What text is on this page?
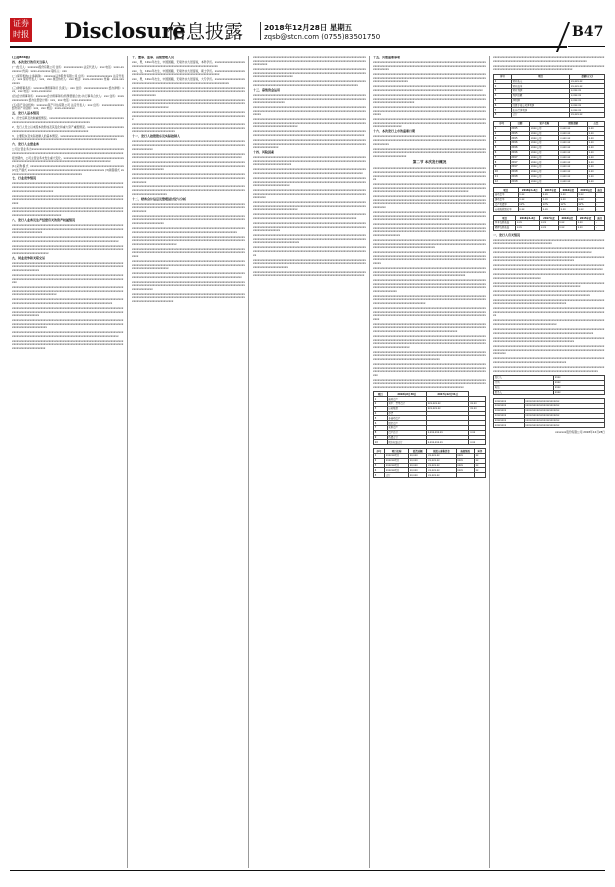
证券时报 Disclosure
信息披露	2018年12月28日 星期五
zqsb@stcn.com (0755)83501750	B47

(上接B46版)

四、本次发行的有关当事人

(一)发行人：xxxxxxx股份有限公司 住所：xxxxxxxxxxxx 法定代表人：xxx 电话：xxxx-xxxxxxxx 传真：xxxx-xxxxxxxx 联系人：xxx

(二)保荐机构(主承销商)：xxxxxxx证券股份有限公司 住所：xxxxxxxxxxxxxxxx 法定代表人：xxx 保荐代表人：xxx、xxx 项目协办人：xxx 电话：xxxx-xxxxxxxx 传真：xxxx-xxxxxxxx

(三)律师事务所：xxxxxxx律师事务所 负责人：xxx 住所：xxxxxxxxxxxxxxx 经办律师：xxx、xxx 电话：xxxx-xxxxxxxx

(四)会计师事务所：xxxxxxx会计师事务所(特殊普通合伙) 执行事务合伙人：xxx 住所：xxxxxxxxxxxxxx 经办注册会计师：xxx、xxx 电话：xxxx-xxxxxxxx

(五)资产评估机构：xxxxxxx资产评估有限公司 法定代表人：xxx 住所：xxxxxxxxxxxxxx 经办资产评估师：xxx、xxx 电话：xxxx-xxxxxxxx

五、发行人基本情况

1、历史沿革及改制重组情况。xxxxxxxxxxxxxxxxxxxxxxxxxxxxxxxxxxxxxxxxxxxxxxxxxxxxxxxxxxxxxxxxxxxxxxxxxxxxxxxxxxxxxxxxxxxxxxxx

2、发行人设立以来股本的形成及其变化和重大资产重组情况。xxxxxxxxxxxxxxxxxxxxxxxxxxxxxxxxxxxxxxxxxxxxxxxxxxxxxxxxxxxxxxxxxxxxxxx

3、主要股东及实际控制人的基本情况。xxxxxxxxxxxxxxxxxxxxxxxxxxxxxxxxxxxxxxxxxxxxxxxxxxxxxxxxxxxxxxxxxxxxxxxxxxxxxxxxxxxxxxxxxxxxxxxxxxxxxxxxxx

六、发行人主营业务

公司主营业务为xxxxxxxxxxxxxxxxxxxxxxxxxxxxxxxxxxxxxxxxxxxxxxxxxxxxxxxxxxxxxxxxxxxxxxxxxxxxxxxxxxxxxxxxxxxxxxxxxxxxxxxxxxxxxxxxxxxxxxxxxxxxxxxx

报告期内，公司主营业务未发生重大变化。xxxxxxxxxxxxxxxxxxxxxxxxxxxxxxxxxxxxxxxxxxxxxxxxxxxxxxxxxxxxxxxxxxxxxxxxxxxxxxxxxxxxxxxxxxxxxxxxxxxx

(1)采购模式 xxxxxxxxxxxxxxxxxxxxxxxxxxxxxxxxxxxxxxxxxxxxxxxxxxxxxxxxxxx (2)生产模式 xxxxxxxxxxxxxxxxxxxxxxxxxxxxxxxxxxxxxxxxxxxxxxxx (3)销售模式 xxxxxxxxxxxxxxxxxxxxxxxxxxxxxxxxxxxxxxxxxxxxxx

七、行业竞争情况

xxxxxxxxxxxxxxxxxxxxxxxxxxxxxxxxxxxxxxxxxxxxxxxxxxxxxxxxxxxxxxxxxxxxxxxxxxxxxxxxxxxxxxxxxxxxxxxxxxxxxxxxxxxxxxxxxxxxxxxxxxxxxxxxxxxxxxxxxxxxxxxxxxxxxxxxxxxxxxxxxxxxxx

xxxxxxxxxxxxxxxxxxxxxxxxxxxxxxxxxxxxxxxxxxxxxxxxxxxxxxxxxxxxxxxxxxxxxxxxxxxxxxxxxxxxxxxxxxxxxxxxxxxxxxxxxxxxxxxxxxxxxxxxxxxxxxxxxxxxxxxxxxxxxxxx

xxxxxxxxxxxxxxxxxxxxxxxxxxxxxxxxxxxxxxxxxxxxxxxxxxxxxxxxxxxxxxxxxxxxxxxxxxxxxxxxxxxxxxxxxxxxxxxxxxxxxxxxxxxxxxxxxxxxxxxxxxxxxxxxxxxxxxxxxxxxxxxxxxxxxxxxxxxxxxxxxxxxxxxxxxx

八、发行人业务及生产经营有关的资产权属情况

xxxxxxxxxxxxxxxxxxxxxxxxxxxxxxxxxxxxxxxxxxxxxxxxxxxxxxxxxxxxxxxxxxxxxxxxxxxxxxxxxxxxxxxxxxxxxxxxxxxxxxxxxxxxxxxxxxxxxxxxxxxxxxxxxxxxxxxxxxxxxxxxxxxxxxxxxxxxxxx

xxxxxxxxxxxxxxxxxxxxxxxxxxxxxxxxxxxxxxxxxxxxxxxxxxxxxxxxxxxxxxxxxxxxxxxxxxxxxxxxxxxxxxxxxxxxxxxxxxxxxxxxxxxxxxxxxxxxxxxxxxxxxxxxxxxxxxxxx

xxxxxxxxxxxxxxxxxxxxxxxxxxxxxxxxxxxxxxxxxxxxxxxxxxxxxxxxxxxxxxxxxxxxxxxxxxxxxxxxxxxxxxxxxxxxxxxxxxxxxxxxxxxxxxxxxxxxxxxxxxxxxxxxxxxxxxxxxxxxxxxxxxxxxxxxxxxxxxxxxxx

九、同业竞争和关联交易

xxxxxxxxxxxxxxxxxxxxxxxxxxxxxxxxxxxxxxxxxxxxxxxxxxxxxxxxxxxxxxxxxxxxxxxxxxxxxxxxxxxxxxxxxxxxxxxxxxxxxxxxxxxxxxxxxxxxxxxxxxxxxxxxxxxxxxxxxxxxxxxxxxxxxxxxxxxxx

xxxxxxxxxxxxxxxxxxxxxxxxxxxxxxxxxxxxxxxxxxxxxxxxxxxxxxxxxxxxxxxxxxxxxxxxxxxxxxxxxxxxxxxxxxxxxxxxxxxxxxxxxxxxxxxxxxxxxxxxxxxxxxxxxxxxxxxxxxxxxxx

xxxxxxxxxxxxxxxxxxxxxxxxxxxxxxxxxxxxxxxxxxxxxxxxxxxxxxxxxxxxxxxxxxxxxxxxxxxxxxxxxxxxxxxxxxxxxxxxxxxxxxxxxxxxxxxxxxxxxxxxxxxxxxxxxxxxxxxxxxxxxxxxxxxxxxxxxxxxxxxxxxxxxxxx

xxxxxxxxxxxxxxxxxxxxxxxxxxxxxxxxxxxxxxxxxxxxxxxxxxxxxxxxxxxxxxxxxxxxxxxxxxxxxxxxxxxxxxxxxxxxxxxxxxxxxxxxxxxxxxxxxxxxxxxxxxxxxxxxxxxxx

xxxxxxxxxxxxxxxxxxxxxxxxxxxxxxxxxxxxxxxxxxxxxxxxxxxxxxxxxxxxxxxxxxxxxxxxxxxxxxxxxxxxxxxxxxxxxxxxxxxxxxxxxxxxxxxxxxxxxxxxxxxxxxxxxxxxxxxxxxxxxxxxxxxxxxxxxxxxx

xxxxxxxxxxxxxxxxxxxxxxxxxxxxxxxxxxxxxxxxxxxxxxxxxxxxxxxxxxxxxxxxxxxxxxxxxxxxxxxxxxxxxxxxxxxxxxxxxxxxxxxxxxxxxxxxxxxxxxxxxxxxxxxxxxxxxxxxxxxxxxxxxxxxxxxxxxxxxxxxxx

xxxxxxxxxxxxxxxxxxxxxxxxxxxxxxxxxxxxxxxxxxxxxxxxxxxxxxxxxxxxxxxxxxxxxxxxxxxxxxxxxxxxxxxxxxxxxxxxxxxxxxxxxxxxxxxxxxxxxxxxxxxxxxxxxxxxxxxxx

xxxxxxxxxxxxxxxxxxxxxxxxxxxxxxxxxxxxxxxxxxxxxxxxxxxxxxxxxxxxxxxxxxxxxxxxxxxxxxxxxxxxxxxxxxxxxxxxxxxxxxxxxxxxxxxxxxxxxxxxxxxxxxxxxxxxxxxxxxxxxxxxxxxxxxxxxxxxxxxxx

十、董事、监事、高级管理人员

xxx，男，19xx年出生，中国国籍，无境外永久居留权，本科学历。xxxxxxxxxxxxxxxxxxxxxxxxxxxxxxxxxxxxxxxxxxxxxxxxxxxxxxxxxxxxxxxxxxxxxxxxx

xxx，女，19xx年出生，中国国籍，无境外永久居留权，硕士学历。xxxxxxxxxxxxxxxxxxxxxxxxxxxxxxxxxxxxxxxxxxxxxxxxxxxxxxxxxxxxxxxxxxxxxxxxxx

xxx，男，19xx年出生，中国国籍，无境外永久居留权，大专学历。xxxxxxxxxxxxxxxxxxxxxxxxxxxxxxxxxxxxxxxxxxxxxxxxxxxxxxxxxxxxxxxxxxxxxxxxxxxxxxxx

xxxxxxxxxxxxxxxxxxxxxxxxxxxxxxxxxxxxxxxxxxxxxxxxxxxxxxxxxxxxxxxxxxxxxxxxxxxxxxxxxxxxxxxxxxxxxxxxxxxxxxxxxxxxxxxxxxxxxxxxxxxxxxxxxxxxxxxxxxxxxxxxxxxxxxxxxxxxx

xxxxxxxxxxxxxxxxxxxxxxxxxxxxxxxxxxxxxxxxxxxxxxxxxxxxxxxxxxxxxxxxxxxxxxxxxxxxxxxxxxxxxxxxxxxxxxxxxxxxxxxxxxxxxxxxxxxxxxxxxxxxxxxxxxxxxxxxxxxxxxxxxxxxxxxxxxxxxxxxxxxxx

xxxxxxxxxxxxxxxxxxxxxxxxxxxxxxxxxxxxxxxxxxxxxxxxxxxxxxxxxxxxxxxxxxxxxxxxxxxxxxxxxxxxxxxxxxxxxxxxxxxxxxxxxxxxxxxxxxxxxxxxxxxxxxxxxxxxxxxxxxxxxxx

xxxxxxxxxxxxxxxxxxxxxxxxxxxxxxxxxxxxxxxxxxxxxxxxxxxxxxxxxxxxxxxxxxxxxxxxxxxxxxxxxxxxxxxxxxxxxxxxxxxxxxxxxxxxxxxxxxxxxxxxxxxxxxxxxxxxxxxxxxxxxxxxxxxxxxxxxxxxxxxxxxxxxxxxx

十一、发行人控股股东及实际控制人

xxxxxxxxxxxxxxxxxxxxxxxxxxxxxxxxxxxxxxxxxxxxxxxxxxxxxxxxxxxxxxxxxxxxxxxxxxxxxxxxxxxxxxxxxxxxxxxxxxxxxxxxxxxxxxxxxxxxxxxxxxxxxxxxxxxxxxxxxxxxxxxxxxxxxxxxxxx

xxxxxxxxxxxxxxxxxxxxxxxxxxxxxxxxxxxxxxxxxxxxxxxxxxxxxxxxxxxxxxxxxxxxxxxxxxxxxxxxxxxxxxxxxxxxxxxxxxxxxxxxxxxxxxxxxxxxxxxxxxxxxxxxxxxxxxxxxxxx

xxxxxxxxxxxxxxxxxxxxxxxxxxxxxxxxxxxxxxxxxxxxxxxxxxxxxxxxxxxxxxxxxxxxxxxxxxxxxxxxxxxxxxxxxxxxxxxxxxxxxxxxxxxxxxxxxxxxxxxxxxxxxxxxxxxxxxxxxxxxxxxxxxxxxxxxxxxxxxxxxx

xxxxxxxxxxxxxxxxxxxxxxxxxxxxxxxxxxxxxxxxxxxxxxxxxxxxxxxxxxxxxxxxxxxxxxxxxxxxxxxxxxxxxxxxxxxxxxxxxxxxxxxxxxxxxxxxxxxxxxxxxxxxxxxxxxxxxxxxxxxxxxxxxxxxxxx

xxxxxxxxxxxxxxxxxxxxxxxxxxxxxxxxxxxxxxxxxxxxxxxxxxxxxxxxxxxxxxxxxxxxxxxxxxxxxxxxxxxxxxxxxxxxxxxxxxxxxxxxxxxxxxxxxxxxxxxxxxxxxxxxxxxxxxxxxxxxxxxxxxxxxxxxxxxxxxxxxxxx

十二、财务会计信息及管理层讨论与分析

xxxxxxxxxxxxxxxxxxxxxxxxxxxxxxxxxxxxxxxxxxxxxxxxxxxxxxxxxxxxxxxxxxxxxxxxxxxxxxxxxxxxxxxxxxxxxxxxxxxxxxxxxxxxxxxxxxxxxxxxxxxxxxxxxxxxxxxxxxxxxxxxxxxxxxx

xxxxxxxxxxxxxxxxxxxxxxxxxxxxxxxxxxxxxxxxxxxxxxxxxxxxxxxxxxxxxxxxxxxxxxxxxxxxxxxxxxxxxxxxxxxxxxxxxxxxxxxxxxxxxxxxxxxxxxxxxxxxxxxxxxxxxxxxxxxxxxxxxxxxxxxxxxxxxxxxxx

xxxxxxxxxxxxxxxxxxxxxxxxxxxxxxxxxxxxxxxxxxxxxxxxxxxxxxxxxxxxxxxxxxxxxxxxxxxxxxxxxxxxxxxxxxxxxxxxxxxxxxxxxxxxxxxxxxxxxxxxxxxxxxxxxxxxxxxxx

xxxxxxxxxxxxxxxxxxxxxxxxxxxxxxxxxxxxxxxxxxxxxxxxxxxxxxxxxxxxxxxxxxxxxxxxxxxxxxxxxxxxxxxxxxxxxxxxxxxxxxxxxxxxxxxxxxxxxxxxxxxxxxxxxxxxxxxxxxxxxxxxxxxxxxxxxxxxxxxxxxxxxxxxxx

xxxxxxxxxxxxxxxxxxxxxxxxxxxxxxxxxxxxxxxxxxxxxxxxxxxxxxxxxxxxxxxxxxxxxxxxxxxxxxxxxxxxxxxxxxxxxxxxxxxxxxxxxxxxxxxxxxxxxxxxxxxxxxxxxxxxxxxxxxxxxxxxxx

xxxxxxxxxxxxxxxxxxxxxxxxxxxxxxxxxxxxxxxxxxxxxxxxxxxxxxxxxxxxxxxxxxxxxxxxxxxxxxxxxxxxxxxxxxxxxxxxxxxxxxxxxxxxxxxxxxxxxxxxxxxxxxxxxxxxxxxxxxxxxxxxxxxxxxxxxxxxxxxxxxxxx

xxxxxxxxxxxxxxxxxxxxxxxxxxxxxxxxxxxxxxxxxxxxxxxxxxxxxxxxxxxxxxxxxxxxxxxxxxxxxxxxxxxxxxxxxxxxxxxxxxxxxxxxxxxxxxxxxxxxxxxxxxxxxxxxxxxxxxxxxxxx

xxxxxxxxxxxxxxxxxxxxxxxxxxxxxxxxxxxxxxxxxxxxxxxxxxxxxxxxxxxxxxxxxxxxxxxxxxxxxxxxxxxxxxxxxxxxxxxxxxxxxxxxxxxxxxxxxxxxxxxxxxxxxxxxxxxxxxxxxxxxxxxxxxxxxxxxxxx

xxxxxxxxxxxxxxxxxxxxxxxxxxxxxxxxxxxxxxxxxxxxxxxxxxxxxxxxxxxxxxxxxxxxxxxxxxxxxxxxxxxxxxxxxxxxxxxxxxxxxxxxxxxxxxxxxxxxxxxxxxxxxxxxxxxxxxxxxxxxxxxxxxxxxxxxxxxxxxxxxxxxxxxx

xxxxxxxxxxxxxxxxxxxxxxxxxxxxxxxxxxxxxxxxxxxxxxxxxxxxxxxxxxxxxxxxxxxxxxxxxxxxxxxxxxxxxxxxxxxxxxxxxxxxxxxxxxxxxxxxxxxxxxxxxxxxxxxxxxxxxxxxxxxxxxxxxxxxxxx

xxxxxxxxxxxxxxxxxxxxxxxxxxxxxxxxxxxxxxxxxxxxxxxxxxxxxxxxxxxxxxxxxxxxxxxxxxxxxxxxxxxxxxxxxxxxxxxxxxxxxxxxxxxxxxxxxxxxxxxxxxxxxxxxxxxxxxxxxxxxxxxxxxxxxxxxxxxxxxxxxxxxxxx

xxxxxxxxxxxxxxxxxxxxxxxxxxxxxxxxxxxxxxxxxxxxxxxxxxxxxxxxxxxxxxxxxxxxxxxxxxxxxxxxxxxxxxxxxxxxxxxxxxxxxxxxxxxxxxxxxxxxxxxxxxxxxxxxxxxxxxxxx

十三、募集资金运用

xxxxxxxxxxxxxxxxxxxxxxxxxxxxxxxxxxxxxxxxxxxxxxxxxxxxxxxxxxxxxxxxxxxxxxxxxxxxxxxxxxxxxxxxxxxxxxxxxxxxxxxxxxxxxxxxxxxxxxxxxxxxxxxxxxxxxxxxxxxxxxxxxxxxxxxxxxxxxxxxxx

xxxxxxxxxxxxxxxxxxxxxxxxxxxxxxxxxxxxxxxxxxxxxxxxxxxxxxxxxxxxxxxxxxxxxxxxxxxxxxxxxxxxxxxxxxxxxxxxxxxxxxxxxxxxxxxxxxxxxxxxxxxxxxxxxxxxxxxxxxxxxxxxxxx

xxxxxxxxxxxxxxxxxxxxxxxxxxxxxxxxxxxxxxxxxxxxxxxxxxxxxxxxxxxxxxxxxxxxxxxxxxxxxxxxxxxxxxxxxxxxxxxxxxxxxxxxxxxxxxxxxxxxxxxxxxxxxxxxxxxxxxxxxxxxxxxxxxxxxxxxxxxxxxxxxxxxxxxxxx

xxxxxxxxxxxxxxxxxxxxxxxxxxxxxxxxxxxxxxxxxxxxxxxxxxxxxxxxxxxxxxxxxxxxxxxxxxxxxxxxxxxxxxxxxxxxxxxxxxxxxxxxxxxxxxxxxxxxxxxxxxxxxxxxxxxxxxxxxxxxx

xxxxxxxxxxxxxxxxxxxxxxxxxxxxxxxxxxxxxxxxxxxxxxxxxxxxxxxxxxxxxxxxxxxxxxxxxxxxxxxxxxxxxxxxxxxxxxxxxxxxxxxxxxxxxxxxxxxxxxxxxxxxxxxxxxxxxxxxxxxxxxxxxxxxxxxxxxxxxx

十四、风险因素

xxxxxxxxxxxxxxxxxxxxxxxxxxxxxxxxxxxxxxxxxxxxxxxxxxxxxxxxxxxxxxxxxxxxxxxxxxxxxxxxxxxxxxxxxxxxxxxxxxxxxxxxxxxxxxxxxxxxxxxxxxxxxxxxxxxxxxxxxxxxxxxxxxxxxxxxxxxxxxxxxxxxxx

xxxxxxxxxxxxxxxxxxxxxxxxxxxxxxxxxxxxxxxxxxxxxxxxxxxxxxxxxxxxxxxxxxxxxxxxxxxxxxxxxxxxxxxxxxxxxxxxxxxxxxxxxxxxxxxxxxxxxxxxxxxxxxxxxxxxxxxxxxxx

xxxxxxxxxxxxxxxxxxxxxxxxxxxxxxxxxxxxxxxxxxxxxxxxxxxxxxxxxxxxxxxxxxxxxxxxxxxxxxxxxxxxxxxxxxxxxxxxxxxxxxxxxxxxxxxxxxxxxxxxxxxxxxxxxxxxxxxxxxxxxxxxxxxxxxxxxxxxxxxxxxxxx

xxxxxxxxxxxxxxxxxxxxxxxxxxxxxxxxxxxxxxxxxxxxxxxxxxxxxxxxxxxxxxxxxxxxxxxxxxxxxxxxxxxxxxxxxxxxxxxxxxxxxxxxxxxxxxxxxxxxxxxxxxxxxxxxxxxxxxxxxxxxxxxxxxxxxx

xxxxxxxxxxxxxxxxxxxxxxxxxxxxxxxxxxxxxxxxxxxxxxxxxxxxxxxxxxxxxxxxxxxxxxxxxxxxxxxxxxxxxxxxxxxxxxxxxxxxxxxxxxxxxxxxxxxxxxxxxxxxxxxxxxxxxxxxxxxxxxxxxxxxxxxxxxxxxxxxxxxxxxxxxx

xxxxxxxxxxxxxxxxxxxxxxxxxxxxxxxxxxxxxxxxxxxxxxxxxxxxxxxxxxxxxxxxxxxxxxxxxxxxxxxxxxxxxxxxxxxxxxxxxxxxxxxxxxxxxxxxxxxxxxxxxxxxxxxxxxxxxxxx

xxxxxxxxxxxxxxxxxxxxxxxxxxxxxxxxxxxxxxxxxxxxxxxxxxxxxxxxxxxxxxxxxxxxxxxxxxxxxxxxxxxxxxxxxxxxxxxxxxxxxxxxxxxxxxxxxxxxxxxxxxxxxxxxxxxxxxxxxxxxxxxxxxxxxxxxxxxxxxx

xxxxxxxxxxxxxxxxxxxxxxxxxxxxxxxxxxxxxxxxxxxxxxxxxxxxxxxxxxxxxxxxxxxxxxxxxxxxxxxxxxxxxxxxxxxxxxxxxxxxxxxxxxxxxxxxxxxxxxxxxxxxxxxxxxxxxxxxxxxxxxxxxxxxxxxxxxxxxxxxxxxxxxxxxxx

xxxxxxxxxxxxxxxxxxxxxxxxxxxxxxxxxxxxxxxxxxxxxxxxxxxxxxxxxxxxxxxxxxxxxxxxxxxxxxxxxxxxxxxxxxxxxxxxxxxxxxxxxxxxxxxxxxxxxxxxxxxxxxxxxxxxxxxxxxxxxxxx

xxxxxxxxxxxxxxxxxxxxxxxxxxxxxxxxxxxxxxxxxxxxxxxxxxxxxxxxxxxxxxxxxxxxxxxxxxxxxxxxxxxxxxxxxxxxxxxxxxxxxxxxxxxxxxxxxxxxxxxxxxxxxxxxxxxxxxxxxxxxxxxxxxxxxxxxxxxxxxxxxxxx

xxxxxxxxxxxxxxxxxxxxxxxxxxxxxxxxxxxxxxxxxxxxxxxxxxxxxxxxxxxxxxxxxxxxxxxxxxxxxxxxxxxxxxxxxxxxxxxxxxxxxxxxxxxxxxxxxxxxxxxxxxxxxxxxxxxxxxxxxxxxx

十五、其他重要事项

xxxxxxxxxxxxxxxxxxxxxxxxxxxxxxxxxxxxxxxxxxxxxxxxxxxxxxxxxxxxxxxxxxxxxxxxxxxxxxxxxxxxxxxxxxxxxxxxxxxxxxxxxxxxxxxxxxxxxxxxxxxxxxxxxxxxxxxxxxxxxxxxxxxxxxxx

xxxxxxxxxxxxxxxxxxxxxxxxxxxxxxxxxxxxxxxxxxxxxxxxxxxxxxxxxxxxxxxxxxxxxxxxxxxxxxxxxxxxxxxxxxxxxxxxxxxxxxxxxxxxxxxxxxxxxxxxxxxxxxxxxxxxxxxxxxxxxxxxxxxxxxxxxxxxxxxxxxxx

xxxxxxxxxxxxxxxxxxxxxxxxxxxxxxxxxxxxxxxxxxxxxxxxxxxxxxxxxxxxxxxxxxxxxxxxxxxxxxxxxxxxxxxxxxxxxxxxxxxxxxxxxxxxxxxxxxxxxxxxxxxxxxxxxxxxxxxxxxxx

xxxxxxxxxxxxxxxxxxxxxxxxxxxxxxxxxxxxxxxxxxxxxxxxxxxxxxxxxxxxxxxxxxxxxxxxxxxxxxxxxxxxxxxxxxxxxxxxxxxxxxxxxxxxxxxxxxxxxxxxxxxxxxxxxxxxxxxxxxxxxxxxxxxxxxxxxxxxxxxxxxxxxxxx

xxxxxxxxxxxxxxxxxxxxxxxxxxxxxxxxxxxxxxxxxxxxxxxxxxxxxxxxxxxxxxxxxxxxxxxxxxxxxxxxxxxxxxxxxxxxxxxxxxxxxxxxxxxxxxxxxxxxxxxxxxxxxxxxxxxxxxxxxxxxxxxxxxx

xxxxxxxxxxxxxxxxxxxxxxxxxxxxxxxxxxxxxxxxxxxxxxxxxxxxxxxxxxxxxxxxxxxxxxxxxxxxxxxxxxxxxxxxxxxxxxxxxxxxxxxxxxxxxxxxxxxxxxxxxxxxxxxxxxxxxxxxxxxxxxxxxxxxxxxxxxxxxxxx

十六、本次发行上市的重要日期

xxxxxxxxxxxxxxxxxxxxxxxxxxxxxxxxxxxxxxxxxxxxxxxxxxxxxxxxxxxxxxxxxxxxxxxxxxxxxxxxxxxxxxxxxxxxxxxxxxxxxxxxxxxxxxxxxxxxxxxxxxxxxxxxxxxxxxxxxxxxxxxxxxxxxxxx

xxxxxxxxxxxxxxxxxxxxxxxxxxxxxxxxxxxxxxxxxxxxxxxxxxxxxxxxxxxxxxxxxxxxxxxxxxxxxxxxxxxxxxxxxxxxxxxxxxxxxxxxxxxxxxxxxxxxxxxxxxxxxxxxxxxxxxxxxxxxxxxxxxxxxxxxxxxxxxxxxxx

第二节 本次发行概况

xxxxxxxxxxxxxxxxxxxxxxxxxxxxxxxxxxxxxxxxxxxxxxxxxxxxxxxxxxxxxxxxxxxxxxxxxxxxxxxxxxxxxxxxxxxxxxxxxxxxxxxxxxxxxxxxxxxxxxxxxxxxxxxxxxxxxxxxxxxxxxxxxxxxxxxxxxxxxxxxxxxxxxxxxxxxxxxxxxxxxxxxxxxxxxxxxxxxxxxxxxxxxxxxxxxxxxx

xxxxxxxxxxxxxxxxxxxxxxxxxxxxxxxxxxxxxxxxxxxxxxxxxxxxxxxxxxxxxxxxxxxxxxxxxxxxxxxxxxxxxxxxxxxxxxxxxxxxxxxxxxxxxxxxxxxxxxxxxxxxxxxxxxxxxxxxxxxxxxxxxxxxxxxxxxxxxxxxxxxxxxxxxxxxxxxxxxxxxxxxxxxxxxxxxxxxxxxxxx

xxxxxxxxxxxxxxxxxxxxxxxxxxxxxxxxxxxxxxxxxxxxxxxxxxxxxxxxxxxxxxxxxxxxxxxxxxxxxxxxxxxxxxxxxxxxxxxxxxxxxxxxxxxxxxxxxxxxxxxxxxxxxxxxxxxxxxxxxxxxxxxxxxxxxxxxxxxxxxxxxxxxxxxxxxxxxxxxxxxxxxxxxxxxxxxxxxxxxxxxxxxxxxxxxxxxxxxxxxxxx

xxxxxxxxxxxxxxxxxxxxxxxxxxxxxxxxxxxxxxxxxxxxxxxxxxxxxxxxxxxxxxxxxxxxxxxxxxxxxxxxxxxxxxxxxxxxxxxxxxxxxxxxxxxxxxxxxxxxxxxxxxxxxxxxxxxxxxxxxxxxxxxxxxxxxxxxxxxxxxxxxxxxxxxxxxxxxxxxxxxxxxxxxxxxxx

xxxxxxxxxxxxxxxxxxxxxxxxxxxxxxxxxxxxxxxxxxxxxxxxxxxxxxxxxxxxxxxxxxxxxxxxxxxxxxxxxxxxxxxxxxxxxxxxxxxxxxxxxxxxxxxxxxxxxxxxxxxxxxxxxxxxxxxxxxxxxxxxxxxxxxxxxxxxxxxxxxxxxxxxxxxxxxxxxxxxxxxxxxxxxxxxxxxxxxxxxxxxxxxxxxxxxxxxxxxxxxxxxxxxxx

xxxxxxxxxxxxxxxxxxxxxxxxxxxxxxxxxxxxxxxxxxxxxxxxxxxxxxxxxxxxxxxxxxxxxxxxxxxxxxxxxxxxxxxxxxxxxxxxxxxxxxxxxxxxxxxxxxxxxxxxxxxxxxxxxxxxxxxxxxxxxxxxxxxxxxxxxxxxxxxxxxxxxxxxxxxxxxxxxxxxx

xxxxxxxxxxxxxxxxxxxxxxxxxxxxxxxxxxxxxxxxxxxxxxxxxxxxxxxxxxxxxxxxxxxxxxxxxxxxxxxxxxxxxxxxxxxxxxxxxxxxxxxxxxxxxxxxxxxxxxxxxxxxxxxxxxxxxxxxxxxxxxxxxxxxxxxxxxxxxxxxxxxxxxxxxxxxxxxxxxxxxxxxxxxxxxxxxxxxxxxxxxxxxxxxxxxxxxxxxx

xxxxxxxxxxxxxxxxxxxxxxxxxxxxxxxxxxxxxxxxxxxxxxxxxxxxxxxxxxxxxxxxxxxxxxxxxxxxxxxxxxxxxxxxxxxxxxxxxxxxxxxxxxxxxxxxxxxxxxxxxxxxxxxxxxxxxxxxxxxxxxxxxxxxxxxxxxxxxxxxxxxxxxxxxxxxxxxxxxxxxxxxxxxxxxxxxxxxxxxx

xxxxxxxxxxxxxxxxxxxxxxxxxxxxxxxxxxxxxxxxxxxxxxxxxxxxxxxxxxxxxxxxxxxxxxxxxxxxxxxxxxxxxxxxxxxxxxxxxxxxxxxxxxxxxxxxxxxxxxxxxxxxxxxxxxxxxxxxxxxxxxxxxxxxxxxxxxxxxxxxxxxxxxxxxxxxxxxxxxxxxxxxxxxxxxxxxxxxxxxxxxxxxxxxxxxxxxxxxxxxxxxxxxxx

xxxxxxxxxxxxxxxxxxxxxxxxxxxxxxxxxxxxxxxxxxxxxxxxxxxxxxxxxxxxxxxxxxxxxxxxxxxxxxxxxxxxxxxxxxxxxxxxxxxxxxxxxxxxxxxxxxxxxxxxxxxxxxxxxxxxxxxxxxxxxxxxxxxxxxxxxxxxxxxxxxxxxxxxxxxxxxx

xxxxxxxxxxxxxxxxxxxxxxxxxxxxxxxxxxxxxxxxxxxxxxxxxxxxxxxxxxxxxxxxxxxxxxxxxxxxxxxxxxxxxxxxxxxxxxxxxxxxxxxxxxxxxxxxxxxxxxxxxxxxxxxxxxxxxxxxxxxxxxxxxxxxxxxxxxxxxxxxxxxxxxxxxxxxxxxxxxxxxxxxxxxxxxxxxxxxxxxxxxxxxxxxxxxxxxxxx

xxxxxxxxxxxxxxxxxxxxxxxxxxxxxxxxxxxxxxxxxxxxxxxxxxxxxxxxxxxxxxxxxxxxxxxxxxxxxxxxxxxxxxxxxxxxxxxxxxxxxxxxxxxxxxxxxxxxxxxxxxxxxxxxxxxxxxxxxxxxxxxxxxxxxxxxxxxxxxxxxxxxxxxxxxxxxxxxxxxxxxxxxxxxxxxxxxx

xxxxxxxxxxxxxxxxxxxxxxxxxxxxxxxxxxxxxxxxxxxxxxxxxxxxxxxxxxxxxxxxxxxxxxxxxxxxxxxxxxxxxxxxxxxxxxxxxxxxxxxxxxxxxxxxxxxxxxxxxxxxxxxxxxxxxxxxxxxxxxxxxxxxxxxxxxxxxxxxxxxxxxxxxxxxxxxxxxxxxxxxxxxxxxxxxxxxxxxxxxxxxxxxxxxxxxxxxxxxxxxxxxxxxxxxxxxx

xxxxxxxxxxxxxxxxxxxxxxxxxxxxxxxxxxxxxxxxxxxxxxxxxxxxxxxxxxxxxxxxxxxxxxxxxxxxxxxxxxxxxxxxxxxxxxxxxxxxxxxxxxxxxxxxxxxxxxxxxxxxxxxxxxxxxxxxxxxxxxxxxxxxxxxxxxxxxxxxxxxxxxxxxxxxxxxxxxxxxxxx

xxxxxxxxxxxxxxxxxxxxxxxxxxxxxxxxxxxxxxxxxxxxxxxxxxxxxxxxxxxxxxxxxxxxxxxxxxxxxxxxxxxxxxxxxxxxxxxxxxxxxxxxxxxxxxxxxxxxxxxxxxxxxxxxxxxxxxxxxxxxxxxxxxxxxxxxxxxxxxxxxxxxxxxxxxxxxxxxxxxxxxxxxxxxxxxxxxxxxxxxxxxxxxxxxxxxxxxx

xxxxxxxxxxxxxxxxxxxxxxxxxxxxxxxxxxxxxxxxxxxxxxxxxxxxxxxxxxxxxxxxxxxxxxxxxxxxxxxxxxxxxxxxxxxxxxxxxxxxxxxxxxxxxxxxxxxxxxxxxxxxxxxxxxxxxxxxxxxxxxxxxxxxxxxxxxxxxxxxxxxxxxxxxxxxxxxxxxxxxxxxxxxxxxxxxxxxxxx

项目	2018年6月30日	2017年12月31日	
1	流动资产		
2	其中：货币资金	xxx,xxx.xx	xx.xx
3	应收账款	xxx,xxx.xx	xx.xx
4	存货		
5	非流动资产		
6	固定资产		
7	无形资产		
8	资产总计	x,xxx,xxx.xx	x.xx
9	负债合计		
10	股东权益合计	x,xxx,xxx.xx	x.xx
序号	项目名称	投资总额	拟投入募集资金	备案情况	环评
1	xxxxxx项目	xx,xxx	xx,xxx.xx	xxxx	xx
2	xxxxxx项目	xx,xxx	xx,xxx.xx	xxxx	xx
3	xxxxxx项目	xx,xxx	xx,xxx.xx	xxxx	xx
4	xxxxxx项目	xx,xxx	xx,xxx.xx	xxxx	xx
5	合计	xx,xxx	xx,xxx.xx		

xxxxxxxxxxxxxxxxxxxxxxxxxxxxxxxxxxxxxxxxxxxxxxxxxxxxxxxxxxxxxxxxxxxxxxxxxxxxxxxxxxxxxxxxxxxxxxxxxxxxxxxxxxxxxxxxxxxxxxxxxxxxxxxxx

xxxxxxxxxxxxxxxxxxxxxxxxxxxxxxxxxxxxxxxxxxxxxxxxxxxxxxxxxxxxxxxxxxxxxxxxxxxxxxxxxxxxxxxxxxxxxxxxxxxxxxxxxxxxxxxxxxxxxxxx

序号	项目	金额(万元)
1	营业收入	xx,xxx.xx
2	营业成本	xx,xxx.xx
3	营业利润	x,xxx.xx
4	利润总额	x,xxx.xx
5	净利润	x,xxx.xx
6	归属于母公司净利润	x,xxx.xx
7	扣非后净利润	x,xxx.xx
8	合计	xx,xxx.xx
序号	日期	客户名称	销售金额	占比
1	2015	xxxx公司	x,xxx.xx	x.xx
2	2015	xxxx公司	x,xxx.xx	x.xx
3	2015	xxxx公司	x,xxx.xx	x.xx
4	2016	xxxx公司	x,xxx.xx	x.xx
5	2016	xxxx公司	x,xxx.xx	x.xx
6	2016	xxxx公司	x,xxx.xx	x.xx
7	2017	xxxx公司	x,xxx.xx	x.xx
8	2017	xxxx公司	x,xxx.xx	x.xx
9	2017	xxxx公司	x,xxx.xx	x.xx
10	2018	xxxx公司	x,xxx.xx	x.xx
11	2018	xxxx公司	x,xxx.xx	x.xx
12	2018	xxxx公司	x,xxx.xx	x.xx
项目	2018年1-6月	2017年度	2016年度	2015年度	备注
流动比率	x.xx	x.xx	x.xx	x.xx	-
速动比率	x.xx	x.xx	x.xx	x.xx	-
资产负债率	xx%	xx%	xx%	xx%	-
应收账款周转率	x.xx	x.xx	x.xx	x.xx	-
项目	2018年1-6月	2017年度	2016年度	2015年度	备注
基本每股收益	x.xx	x.xx	x.xx	x.xx	-
稀释每股收益	x.xx	x.xx	x.xx	x.xx	-

一、发行人有关情况

xxxxxxxxxxxxxxxxxxxxxxxxxxxxxxxxxxxxxxxxxxxxxxxxxxxxxxxxxxxxxxxxxxxxxxxxxxxxxxxxxxxxxxxxxxxxxxxxxxxxxxxxxxx

xxxxxxxxxxxxxxxxxxxxxxxxxxxxxxxxxxxxxxxxxxxxxxxxxxxxxxxxxxxxxxxxxxxxxxxxxxxxxxxxxxxxxxxxxxxxxxxxxxxxxxxxxxxxxxxxxxxxxxxxxxxxxxxxxxxx

xxxxxxxxxxxxxxxxxxxxxxxxxxxxxxxxxxxxxxxxxxxxxxxxxxxxxxxxxxxxxxxxxxxxxxxxxxxxxxxxxxxxxxxxxxxxxxxxxxxxxxxxxxxxxxxxxxxxxxxxx

xxxxxxxxxxxxxxxxxxxxxxxxxxxxxxxxxxxxxxxxxxxxxxxxxxxxxxxxxxxxxxxxxxxxxxxxxxxxxxxxxxxxxxxxxxxxxxxxxxxxxxxxxxxxxxxxxxxxxxxxxxxxxxxxxxxxxxxxxxx

xxxxxxxxxxxxxxxxxxxxxxxxxxxxxxxxxxxxxxxxxxxxxxxxxxxxxxxxxxxxxxxxxxxxxxxxxxxxxxxxxxxxxxxxxxxxxxxxxxxx

xxxxxxxxxxxxxxxxxxxxxxxxxxxxxxxxxxxxxxxxxxxxxxxxxxxxxxxxxxxxxxxxxxxxxxxxxxxxxxxxxxxxxxxxxxxxxxxxxxxxxxxxxxxxxxxxxxxxxxxxxxxxx

xxxxxxxxxxxxxxxxxxxxxxxxxxxxxxxxxxxxxxxxxxxxxxxxxxxxxxxxxxxxxxxxxxxxxxxxxxxxxxxxxxxxxxxxxxxxxxxxxxxxxxxxxxxxxxxxxxxxxxxxxxxxxxxxxxx

xxxxxxxxxxxxxxxxxxxxxxxxxxxxxxxxxxxxxxxxxxxxxxxxxxxxxxxxxxxxxxxxxxxxxxxxxxxxxxxxxxxxxxxxxxxxxxxxxxxxxxxxxxxxxxxxxxxx

xxxxxxxxxxxxxxxxxxxxxxxxxxxxxxxxxxxxxxxxxxxxxxxxxxxxxxxxxxxxxxxxxxxxxxxxxxxxxxxxxxxxxxxxxxxxxxxxxxxxxxxxxxxxxxxxxxxxxxxxxxxxxxxxxxxxxxxxxxxxxx

xxxxxxxxxxxxxxxxxxxxxxxxxxxxxxxxxxxxxxxxxxxxxxxxxxxxxxxxxxxxxxxxxxxxxxxxxxxxxxxxxxxxxxxxxxxxxxxxxxxxxxxxxxxxxx

xxxxxxxxxxxxxxxxxxxxxxxxxxxxxxxxxxxxxxxxxxxxxxxxxxxxxxxxxxxxxxxxxxxxxxxxxxxxxxxxxxxxxxxxxxxxxxxxxxxxxxxxxxxxxxxxxxxxxxxxxxxxxxxxxxxxx

xxxxxxxxxxxxxxxxxxxxxxxxxxxxxxxxxxxxxxxxxxxxxxxxxxxxxxxxxxxxxxxxxxxxxxxxxxxxxxxxxxxxxxxxxxxxxxxxxxxxxxxxxxxxxxxxxxxxxxxxx

xxxxxxxxxxxxxxxxxxxxxxxxxxxxxxxxxxxxxxxxxxxxxxxxxxxxxxxxxxxxxxxxxxxxxxxxxxxxxxxxxxxxxxxxxxxxxxxxxxxxxxxxxxxxxxxxxxxxxxxxxxxxxxxxxxxxxxxxxxxxxxxxxxxx

xxxxxxxxxxxxxxxxxxxxxxxxxxxxxxxxxxxxxxxxxxxxxxxxxxxxxxxxxxxxxxxxxxxxxxxxxxxxxxxxxxxxxxxxxxxxxxxxxxxxxxxxxxxxxxxxxxxx

xxxxxxxxxxxxxxxxxxxxxxxxxxxxxxxxxxxxxxxxxxxxxxxxxxxxxxxxxxxxxxxxxxxxxxxxxxxxxxxxxxxxxxxxxxxxxxxxxxxxxxxxxxxxxxxxxxxxxxxxxxxxxxxxxxxxxxxx

发行人	xxxx
住所	xxxx
电话	xxxx
联系人	xxxx
xxxxxxxx	xxxxxxxxxxxxxxxxxxxxxxxx
xxxxxxxx	xxxxxxxxxxxxxxxxxxxxxxxx
xxxxxxxx	xxxxxxxxxxxxxxxxxxxxxxxx
xxxxxxxx	xxxxxxxxxxxxxxxxxxxxxxxx
xxxxxxxx	xxxxxxxxxxxxxxxxxxxxxxxx
xxxxxxxx	xxxxxxxxxxxxxxxxxxxxxxxx
xxxxxxx股份有限公司 2018年12月28日
